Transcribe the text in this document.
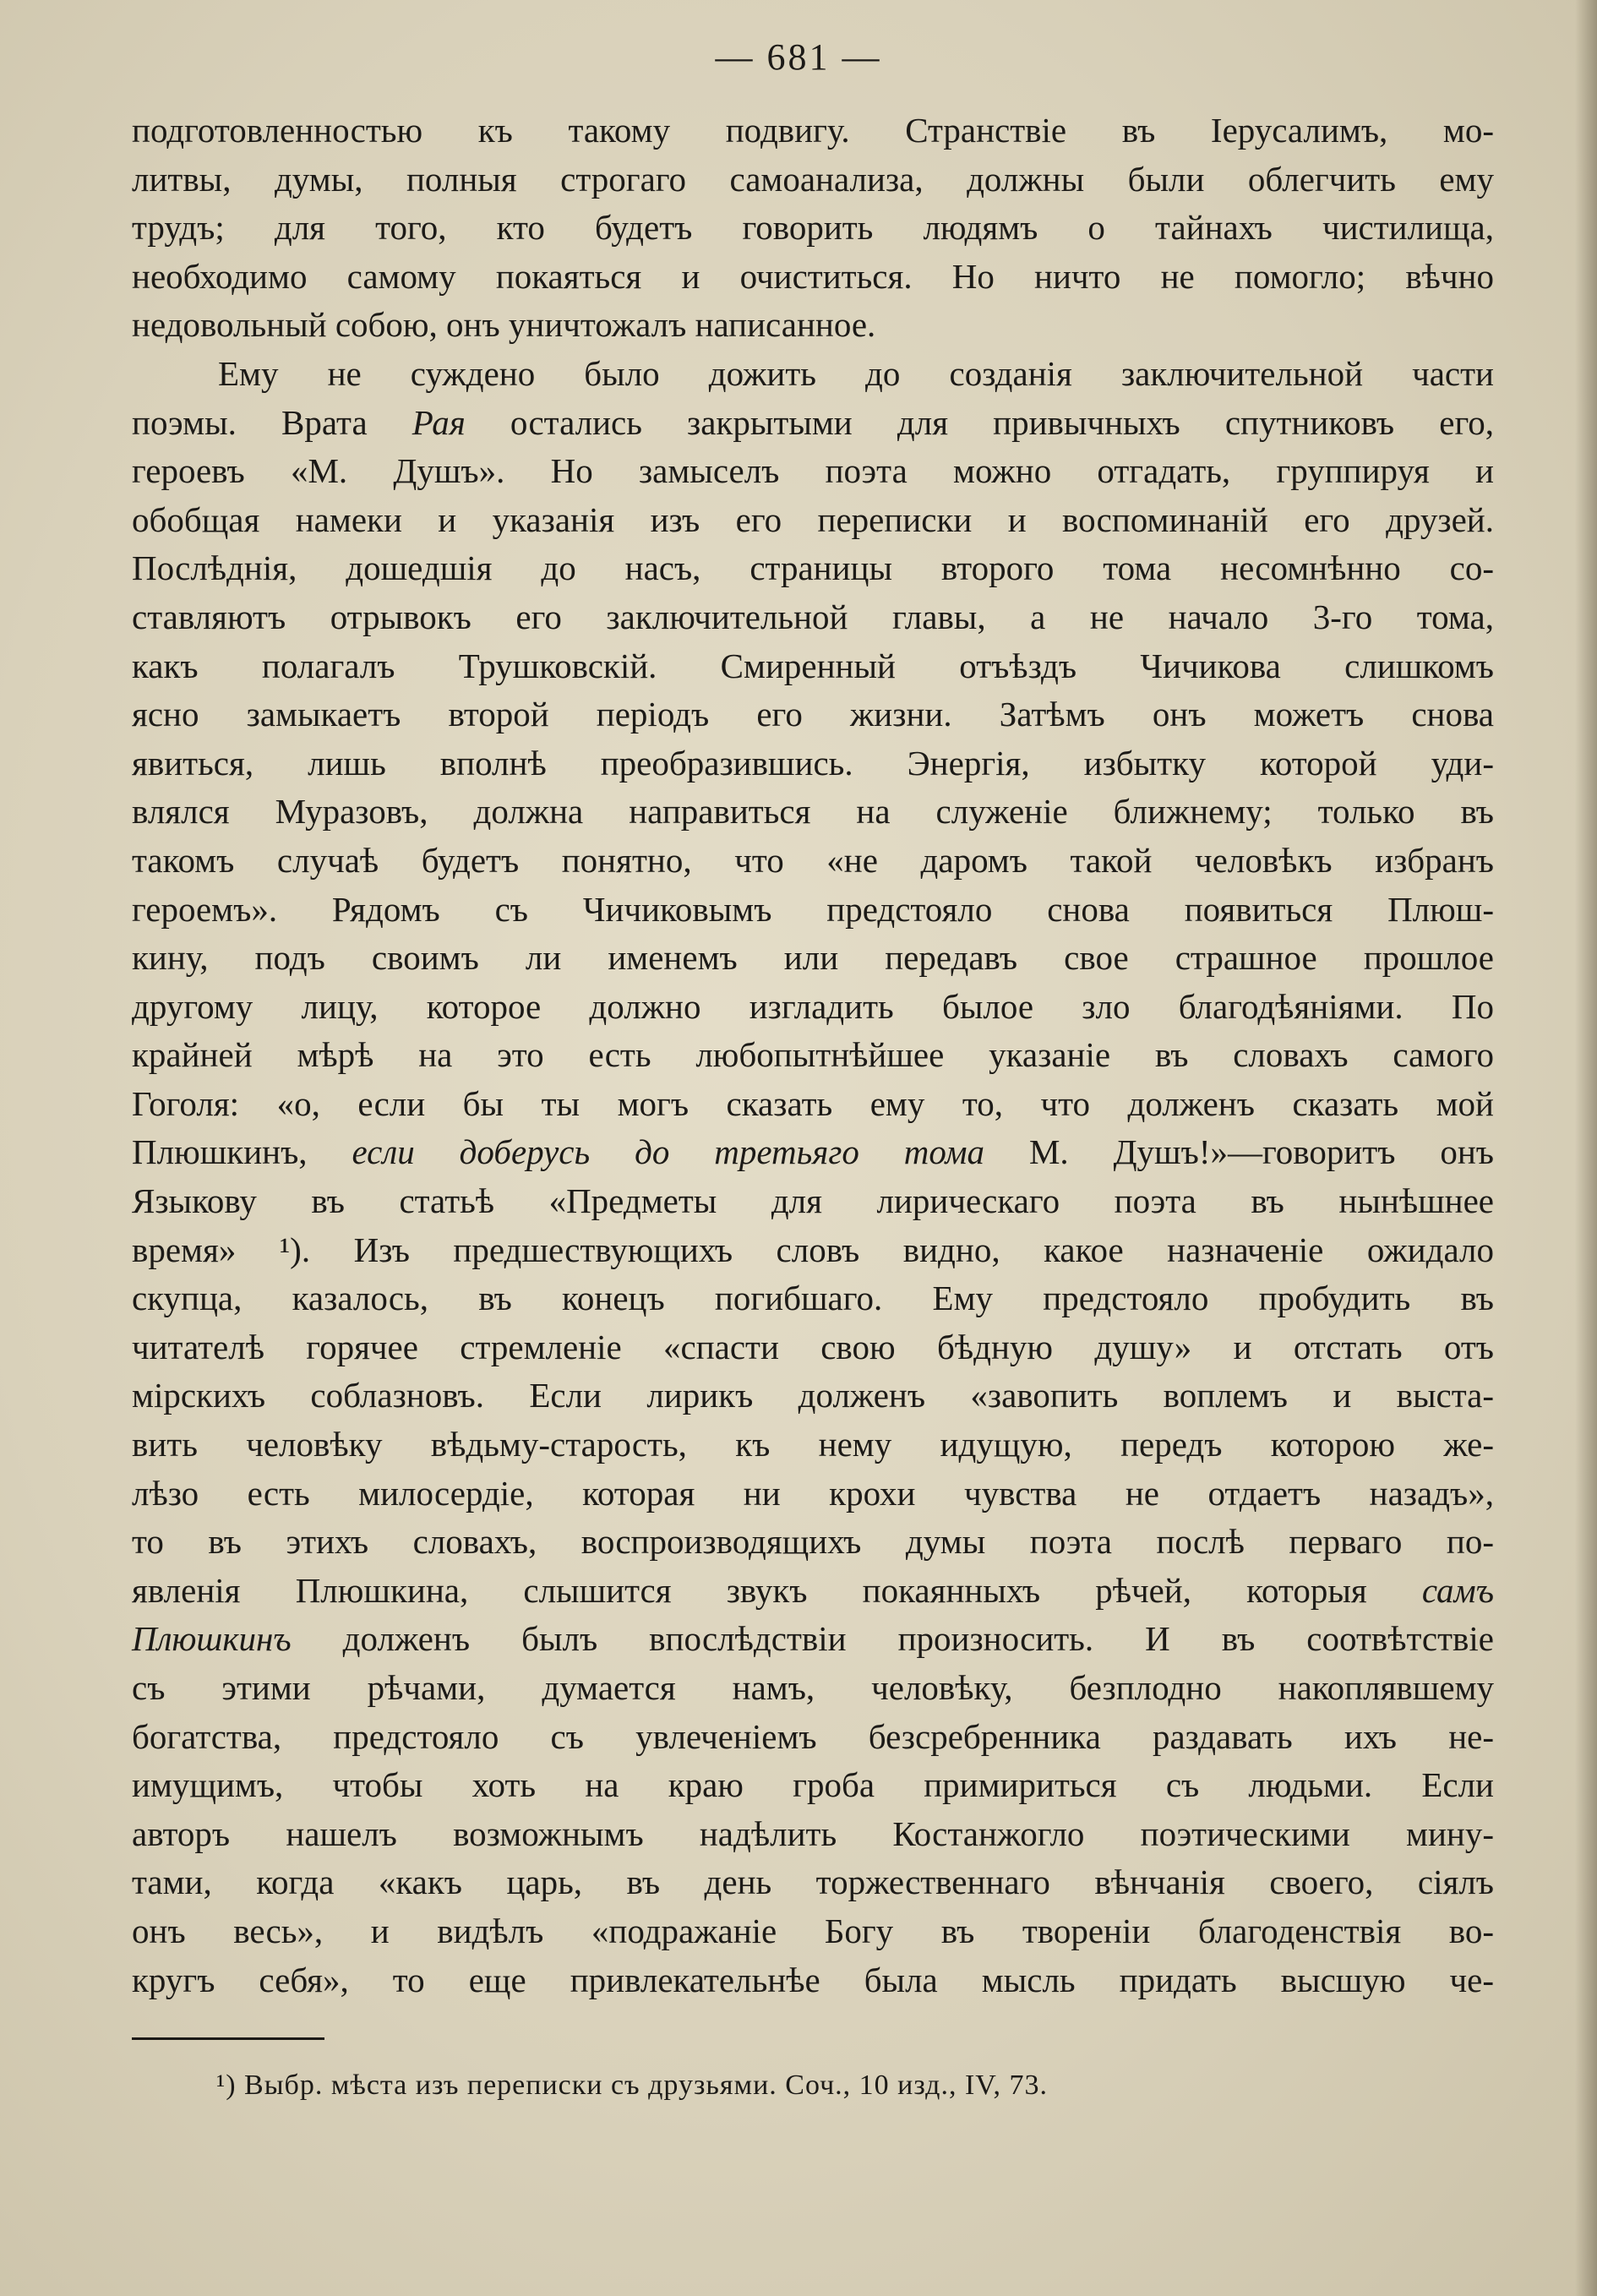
— 681 —
подготовленностью къ такому подвигу. Странствіе въ Іерусалимъ, мо-
литвы, думы, полныя строгаго самоанализа, должны были облегчить ему
трудъ; для того, кто будетъ говорить людямъ о тайнахъ чистилища,
необходимо самому покаяться и очиститься. Но ничто не помогло; вѣчно
недовольный собою, онъ уничтожалъ написанное.
Ему не суждено было дожить до созданія заключительной части
поэмы. Врата Рая остались закрытыми для привычныхъ спутниковъ его,
героевъ «М. Душъ». Но замыселъ поэта можно отгадать, группируя и
обобщая намеки и указанія изъ его переписки и воспоминаній его друзей.
Послѣднія, дошедшія до насъ, страницы второго тома несомнѣнно со-
ставляютъ отрывокъ его заключительной главы, а не начало 3-го тома,
какъ полагалъ Трушковскій. Смиренный отъѣздъ Чичикова слишкомъ
ясно замыкаетъ второй періодъ его жизни. Затѣмъ онъ можетъ снова
явиться, лишь вполнѣ преобразившись. Энергія, избытку которой уди-
влялся Муразовъ, должна направиться на служеніе ближнему; только въ
такомъ случаѣ будетъ понятно, что «не даромъ такой человѣкъ избранъ
героемъ». Рядомъ съ Чичиковымъ предстояло снова появиться Плюш-
кину, подъ своимъ ли именемъ или передавъ свое страшное прошлое
другому лицу, которое должно изгладить былое зло благодѣяніями. По
крайней мѣрѣ на это есть любопытнѣйшее указаніе въ словахъ самого
Гоголя: «о, если бы ты могъ сказать ему то, что долженъ сказать мой
Плюшкинъ, если доберусь до третьяго тома М. Душъ!»—говоритъ онъ
Языкову въ статьѣ «Предметы для лирическаго поэта въ нынѣшнее
время» ¹). Изъ предшествующихъ словъ видно, какое назначеніе ожидало
скупца, казалось, въ конецъ погибшаго. Ему предстояло пробудить въ
читателѣ горячее стремленіе «спасти свою бѣдную душу» и отстать отъ
мірскихъ соблазновъ. Если лирикъ долженъ «завопить воплемъ и выста-
вить человѣку вѣдьму-старость, къ нему идущую, передъ которою же-
лѣзо есть милосердіе, которая ни крохи чувства не отдаетъ назадъ»,
то въ этихъ словахъ, воспроизводящихъ думы поэта послѣ перваго по-
явленія Плюшкина, слышится звукъ покаянныхъ рѣчей, которыя самъ
Плюшкинъ долженъ былъ впослѣдствіи произносить. И въ соотвѣтствіе
съ этими рѣчами, думается намъ, человѣку, безплодно накоплявшему
богатства, предстояло съ увлеченіемъ безсребренника раздавать ихъ не-
имущимъ, чтобы хоть на краю гроба примириться съ людьми. Если
авторъ нашелъ возможнымъ надѣлить Костанжогло поэтическими мину-
тами, когда «какъ царь, въ день торжественнаго вѣнчанія своего, сіялъ
онъ весь», и видѣлъ «подражаніе Богу въ твореніи благоденствія во-
кругъ себя», то еще привлекательнѣе была мысль придать высшую че-
¹) Выбр. мѣста изъ переписки съ друзьями. Соч., 10 изд., IV, 73.
